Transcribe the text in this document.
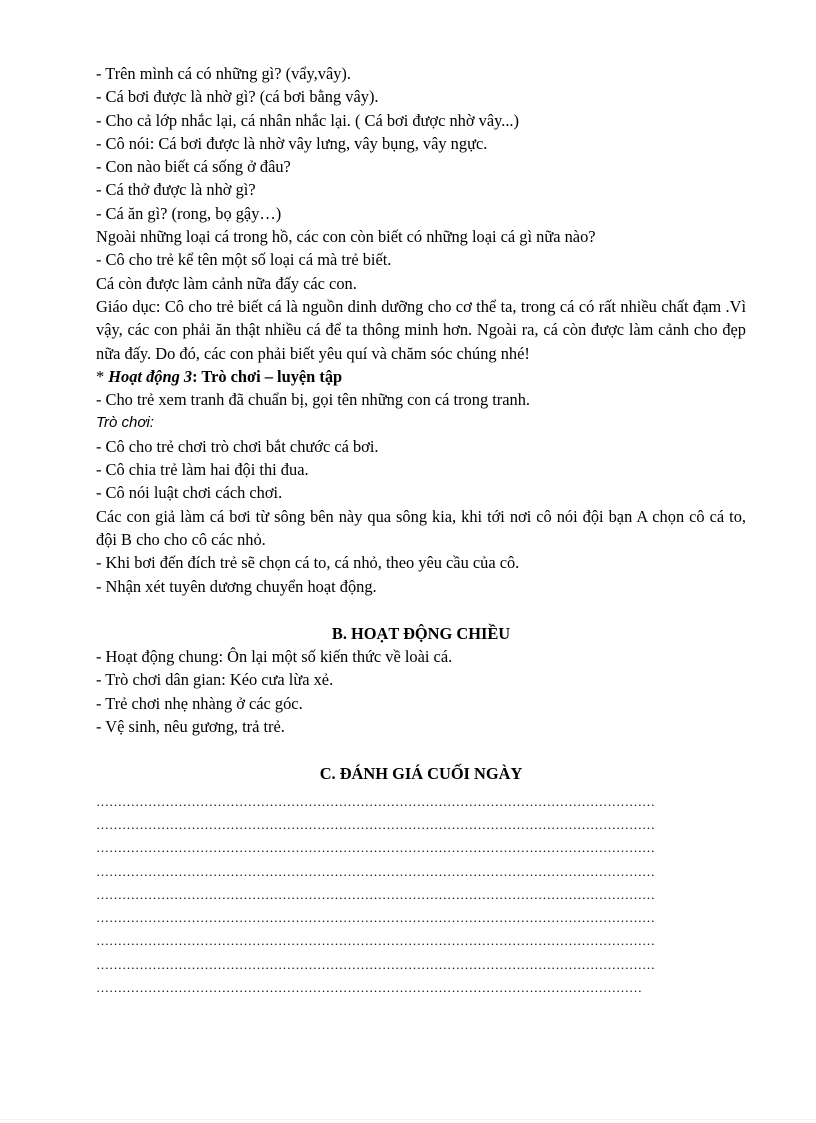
- Trên mình cá có những gì? (vẩy,vây).
- Cá bơi được là nhờ gì? (cá bơi bằng vây).
- Cho cả lớp nhắc lại, cá nhân nhắc lại. ( Cá bơi được nhờ vây...)
- Cô nói: Cá bơi được là nhờ vây lưng, vây bụng, vây ngực.
- Con nào biết cá sống ở đâu?
- Cá thở được là nhờ gì?
- Cá ăn gì? (rong, bọ gậy…)
Ngoài những loại cá trong hồ, các con còn biết có những loại cá gì nữa nào?
- Cô cho trẻ kể tên một số loại cá mà trẻ biết.
Cá còn được làm cảnh nữa đấy các con.
Giáo dục: Cô cho trẻ biết cá là nguồn dinh dưỡng cho cơ thể ta, trong cá có rất nhiều chất đạm .Vì vậy, các con phải ăn thật nhiều cá để ta thông minh hơn. Ngoài ra, cá còn được làm cảnh cho đẹp nữa đấy. Do đó, các con phải biết yêu quí và chăm sóc chúng nhé!
* Hoạt động 3: Trò chơi – luyện tập
- Cho trẻ xem tranh đã chuẩn bị, gọi tên những con cá trong tranh.
Trò chơi:
- Cô cho trẻ chơi trò chơi bắt chước cá bơi.
- Cô chia trẻ làm hai đội thi đua.
- Cô nói luật chơi cách chơi.
Các con giả làm cá bơi từ sông bên này qua sông kia, khi tới nơi cô nói đội bạn A chọn cô cá to, đội B cho cho cô các nhỏ.
- Khi bơi đến đích trẻ sẽ chọn cá to, cá nhỏ, theo yêu cầu của cô.
- Nhận xét tuyên dương chuyển hoạt động.
B. HOẠT ĐỘNG CHIỀU
- Hoạt động chung: Ôn lại một số kiến thức về loài cá.
- Trò chơi dân gian: Kéo cưa lừa xẻ.
- Trẻ chơi nhẹ nhàng ở các góc.
- Vệ sinh, nêu gương, trả trẻ.
C. ĐÁNH GIÁ CUỐI NGÀY
…………………………………………………………………………………………………………………
…………………………………………………………………………………………………………………
…………………………………………………………………………………………………………………
…………………………………………………………………………………………………………………
…………………………………………………………………………………………………………………
…………………………………………………………………………………………………………………
…………………………………………………………………………………………………………………
…………………………………………………………………………………………………………………
………………………………………………………………………………………………………………
